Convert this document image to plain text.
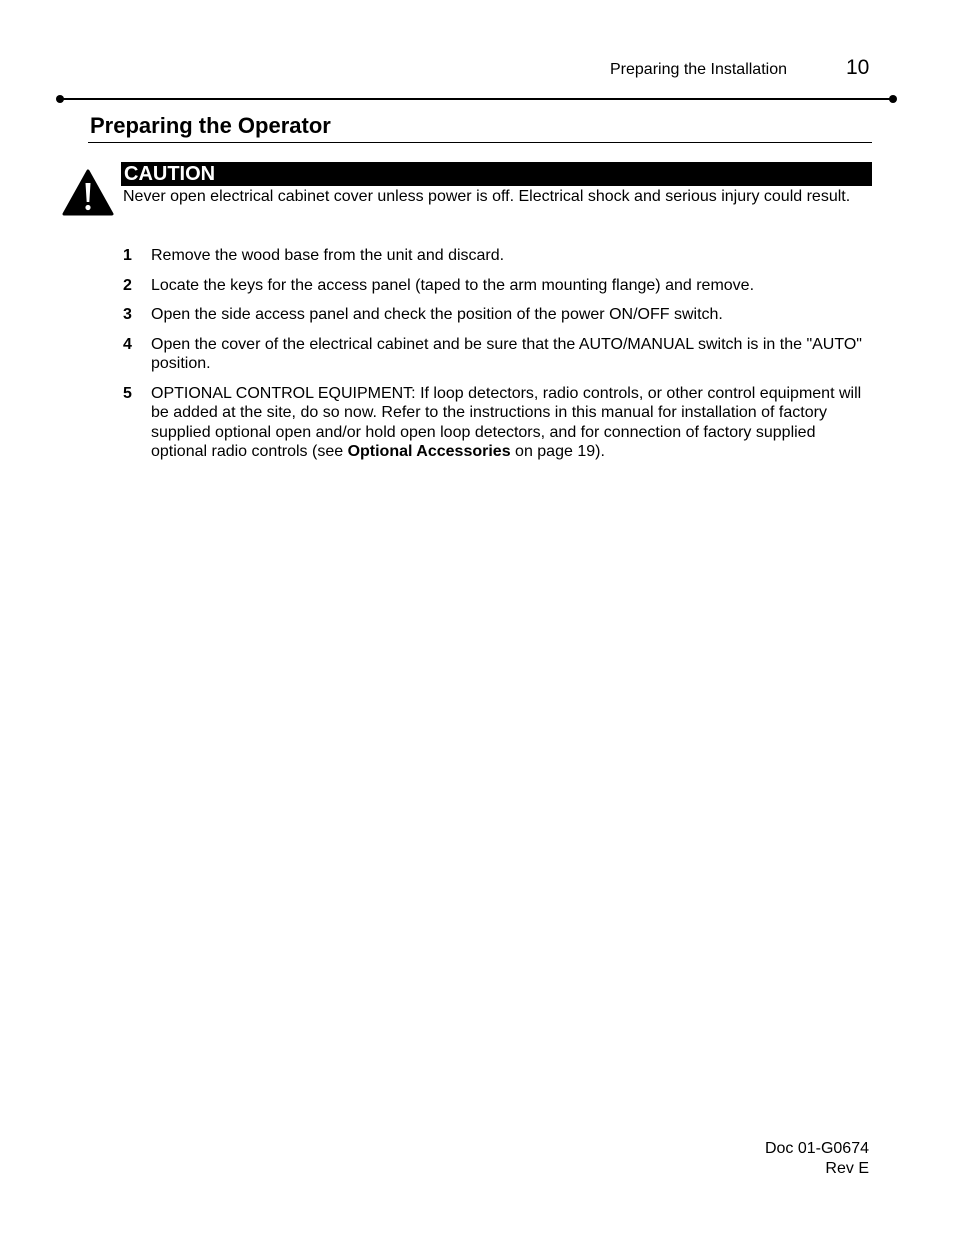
Preparing the Installation	10
Preparing the Operator
CAUTION

Never open electrical cabinet cover unless power is off. Electrical shock and serious injury could result.

1	Remove the wood base from the unit and discard.
2	Locate the keys for the access panel (taped to the arm mounting flange) and remove.
3	Open the side access panel and check the position of the power ON/OFF switch.
4	Open the cover of the electrical cabinet and be sure that the AUTO/MANUAL switch is in the "AUTO" position.
5	OPTIONAL CONTROL EQUIPMENT: If loop detectors, radio controls, or other control equipment will be added at the site, do so now. Refer to the instructions in this manual for installation of factory supplied optional open and/or hold open loop detectors, and for connection of factory supplied optional radio controls (see Optional Accessories on page 19).
Doc 01-G0674
Rev E
